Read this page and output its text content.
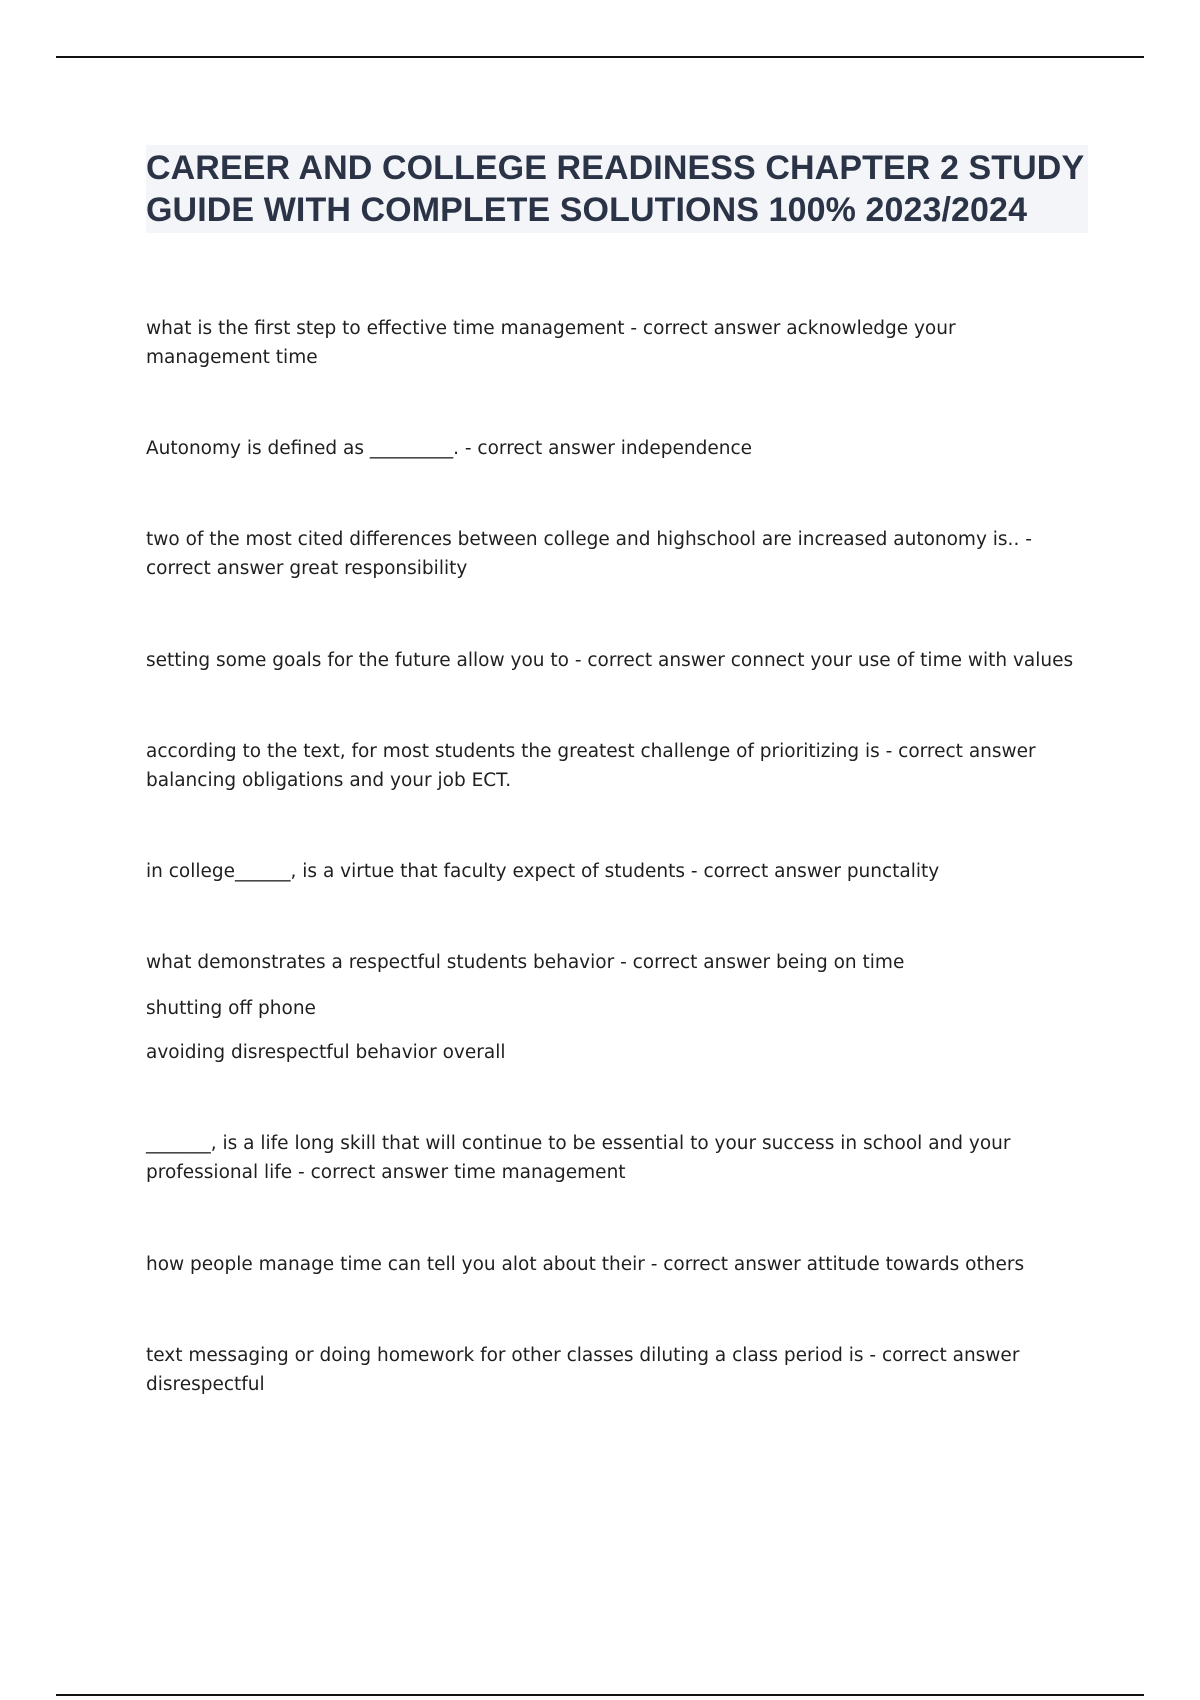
CAREER AND COLLEGE READINESS CHAPTER 2 STUDY GUIDE WITH COMPLETE SOLUTIONS 100% 2023/2024

what is the first step to effective time management - correct answer acknowledge your management time

Autonomy is defined as _________. - correct answer independence

two of the most cited differences between college and highschool are increased autonomy is.. - correct answer great responsibility

setting some goals for the future allow you to - correct answer connect your use of time with values

according to the text, for most students the greatest challenge of prioritizing is - correct answer balancing obligations and your job ECT.

in college______, is a virtue that faculty expect of students - correct answer punctality

what demonstrates a respectful students behavior - correct answer being on time

shutting off phone

avoiding disrespectful behavior overall

_______, is a life long skill that will continue to be essential to your success in school and your professional life - correct answer time management

how people manage time can tell you alot about their - correct answer attitude towards others

text messaging or doing homework for other classes diluting a class period is - correct answer disrespectful
